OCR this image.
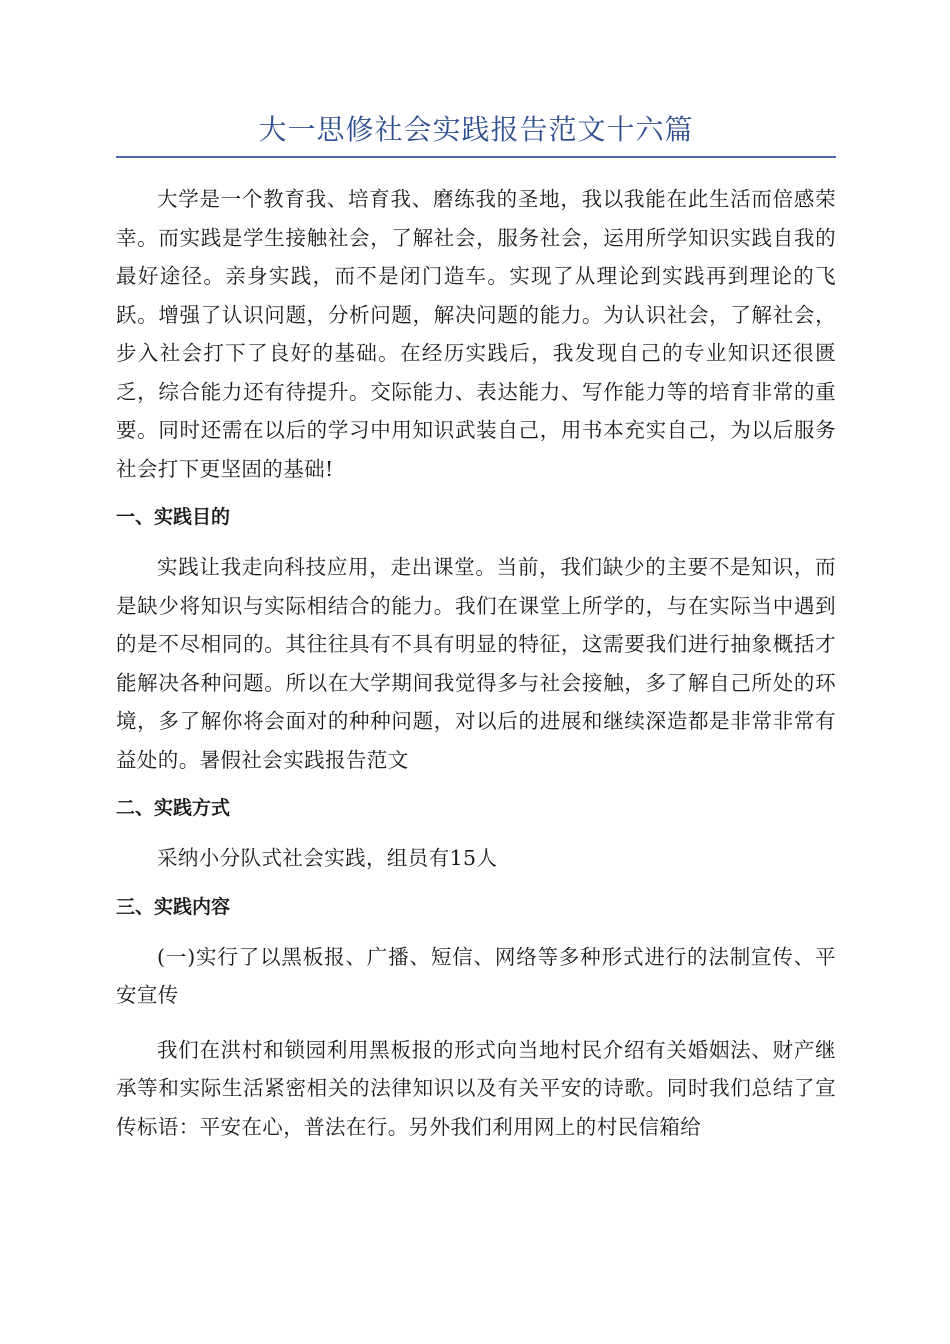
大一思修社会实践报告范文十六篇

大学是一个教育我、培育我、磨练我的圣地，我以我能在此生活而倍感荣幸。而实践是学生接触社会，了解社会，服务社会，运用所学知识实践自我的最好途径。亲身实践，而不是闭门造车。实现了从理论到实践再到理论的飞跃。增强了认识问题，分析问题，解决问题的能力。为认识社会，了解社会，步入社会打下了良好的基础。在经历实践后，我发现自己的专业知识还很匮乏，综合能力还有待提升。交际能力、表达能力、写作能力等的培育非常的重要。同时还需在以后的学习中用知识武装自己，用书本充实自己，为以后服务社会打下更坚固的基础!

一、实践目的

实践让我走向科技应用，走出课堂。当前，我们缺少的主要不是知识，而是缺少将知识与实际相结合的能力。我们在课堂上所学的，与在实际当中遇到的是不尽相同的。其往往具有不具有明显的特征，这需要我们进行抽象概括才能解决各种问题。所以在大学期间我觉得多与社会接触，多了解自己所处的环境，多了解你将会面对的种种问题，对以后的进展和继续深造都是非常非常有益处的。暑假社会实践报告范文

二、实践方式

采纳小分队式社会实践，组员有15人

三、实践内容

(一)实行了以黑板报、广播、短信、网络等多种形式进行的法制宣传、平安宣传

我们在洪村和锁园利用黑板报的形式向当地村民介绍有关婚姻法、财产继承等和实际生活紧密相关的法律知识以及有关平安的诗歌。同时我们总结了宣传标语：平安在心，普法在行。另外我们利用网上的村民信箱给
